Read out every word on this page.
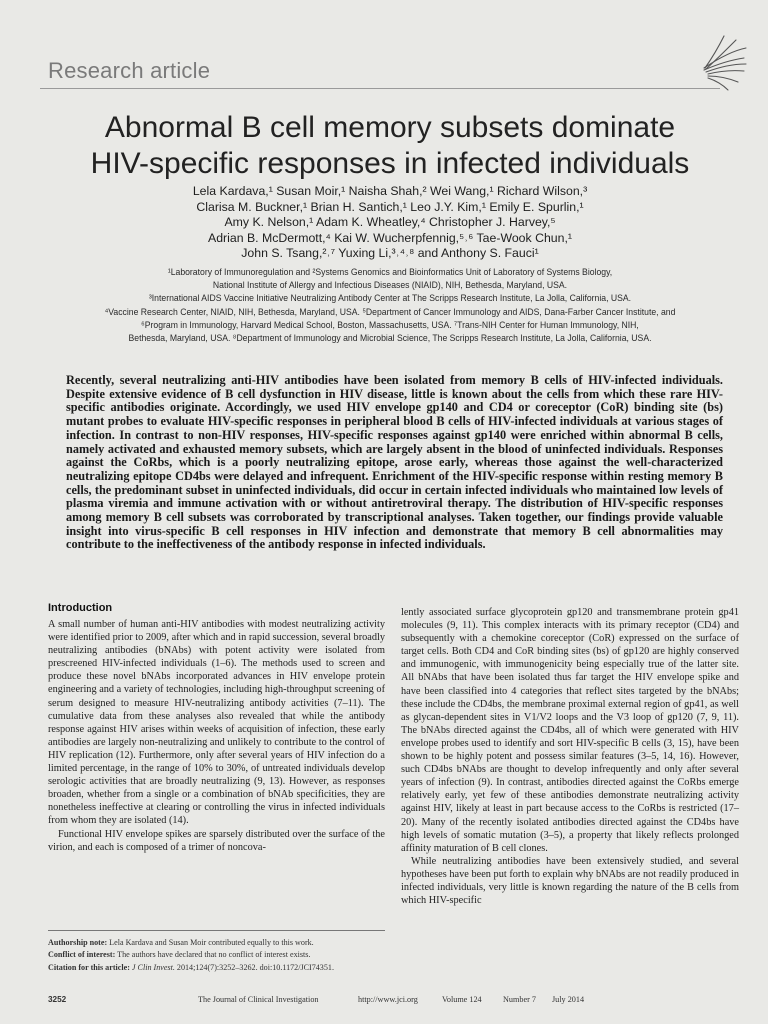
Research article
Abnormal B cell memory subsets dominate
HIV-specific responses in infected individuals
Lela Kardava,¹ Susan Moir,¹ Naisha Shah,² Wei Wang,¹ Richard Wilson,³
Clarisa M. Buckner,¹ Brian H. Santich,¹ Leo J.Y. Kim,¹ Emily E. Spurlin,¹
Amy K. Nelson,¹ Adam K. Wheatley,⁴ Christopher J. Harvey,⁵
Adrian B. McDermott,⁴ Kai W. Wucherpfennig,⁵˒⁶ Tae-Wook Chun,¹
John S. Tsang,²˒⁷ Yuxing Li,³˒⁴˒⁸ and Anthony S. Fauci¹
¹Laboratory of Immunoregulation and ²Systems Genomics and Bioinformatics Unit of Laboratory of Systems Biology,
National Institute of Allergy and Infectious Diseases (NIAID), NIH, Bethesda, Maryland, USA.
³International AIDS Vaccine Initiative Neutralizing Antibody Center at The Scripps Research Institute, La Jolla, California, USA.
⁴Vaccine Research Center, NIAID, NIH, Bethesda, Maryland, USA. ⁵Department of Cancer Immunology and AIDS, Dana-Farber Cancer Institute, and
⁶Program in Immunology, Harvard Medical School, Boston, Massachusetts, USA. ⁷Trans-NIH Center for Human Immunology, NIH,
Bethesda, Maryland, USA. ⁸Department of Immunology and Microbial Science, The Scripps Research Institute, La Jolla, California, USA.

Recently, several neutralizing anti-HIV antibodies have been isolated from memory B cells of HIV-infected individuals. Despite extensive evidence of B cell dysfunction in HIV disease, little is known about the cells from which these rare HIV-specific antibodies originate. Accordingly, we used HIV envelope gp140 and CD4 or coreceptor (CoR) binding site (bs) mutant probes to evaluate HIV-specific responses in peripheral blood B cells of HIV-infected individuals at various stages of infection. In contrast to non-HIV responses, HIV-specific responses against gp140 were enriched within abnormal B cells, namely activated and exhausted memory subsets, which are largely absent in the blood of uninfected individuals. Responses against the CoRbs, which is a poorly neutralizing epitope, arose early, whereas those against the well-characterized neutralizing epitope CD4bs were delayed and infrequent. Enrichment of the HIV-specific response within resting memory B cells, the predominant subset in uninfected individuals, did occur in certain infected individuals who maintained low levels of plasma viremia and immune activation with or without antiretroviral therapy. The distribution of HIV-specific responses among memory B cell subsets was corroborated by transcriptional analyses. Taken together, our findings provide valuable insight into virus-specific B cell responses in HIV infection and demonstrate that memory B cell abnormalities may contribute to the ineffectiveness of the antibody response in infected individuals.

Introduction

A small number of human anti-HIV antibodies with modest neutralizing activity were identified prior to 2009, after which and in rapid succession, several broadly neutralizing antibodies (bNAbs) with potent activity were isolated from prescreened HIV-infected individuals (1–6). The methods used to screen and produce these novel bNAbs incorporated advances in HIV envelope protein engineering and a variety of technologies, including high-throughput screening of serum designed to measure HIV-neutralizing antibody activities (7–11). The cumulative data from these analyses also revealed that while the antibody response against HIV arises within weeks of acquisition of infection, these early antibodies are largely non-neutralizing and unlikely to contribute to the control of HIV replication (12). Furthermore, only after several years of HIV infection do a limited percentage, in the range of 10% to 30%, of untreated individuals develop serologic activities that are broadly neutralizing (9, 13). However, as responses broaden, whether from a single or a combination of bNAb specificities, they are nonetheless ineffective at clearing or controlling the virus in infected individuals from whom they are isolated (14).

Functional HIV envelope spikes are sparsely distributed over the surface of the virion, and each is composed of a trimer of noncova-

lently associated surface glycoprotein gp120 and transmembrane protein gp41 molecules (9, 11). This complex interacts with its primary receptor (CD4) and subsequently with a chemokine coreceptor (CoR) expressed on the surface of target cells. Both CD4 and CoR binding sites (bs) of gp120 are highly conserved and immunogenic, with immunogenicity being especially true of the latter site. All bNAbs that have been isolated thus far target the HIV envelope spike and have been classified into 4 categories that reflect sites targeted by the bNAbs; these include the CD4bs, the membrane proximal external region of gp41, as well as glycan-dependent sites in V1/V2 loops and the V3 loop of gp120 (7, 9, 11). The bNAbs directed against the CD4bs, all of which were generated with HIV envelope probes used to identify and sort HIV-specific B cells (3, 15), have been shown to be highly potent and possess similar features (3–5, 14, 16). However, such CD4bs bNAbs are thought to develop infrequently and only after several years of infection (9). In contrast, antibodies directed against the CoRbs emerge relatively early, yet few of these antibodies demonstrate neutralizing activity against HIV, likely at least in part because access to the CoRbs is restricted (17–20). Many of the recently isolated antibodies directed against the CD4bs have high levels of somatic mutation (3–5), a property that likely reflects prolonged affinity maturation of B cell clones.

While neutralizing antibodies have been extensively studied, and several hypotheses have been put forth to explain why bNAbs are not readily produced in infected individuals, very little is known regarding the nature of the B cells from which HIV-specific

Authorship note: Lela Kardava and Susan Moir contributed equally to this work.
Conflict of interest: The authors have declared that no conflict of interest exists.
Citation for this article: J Clin Invest. 2014;124(7):3252–3262. doi:10.1172/JCI74351.
3252	The Journal of Clinical Investigation	http://www.jci.org	Volume 124	Number 7 July 2014
